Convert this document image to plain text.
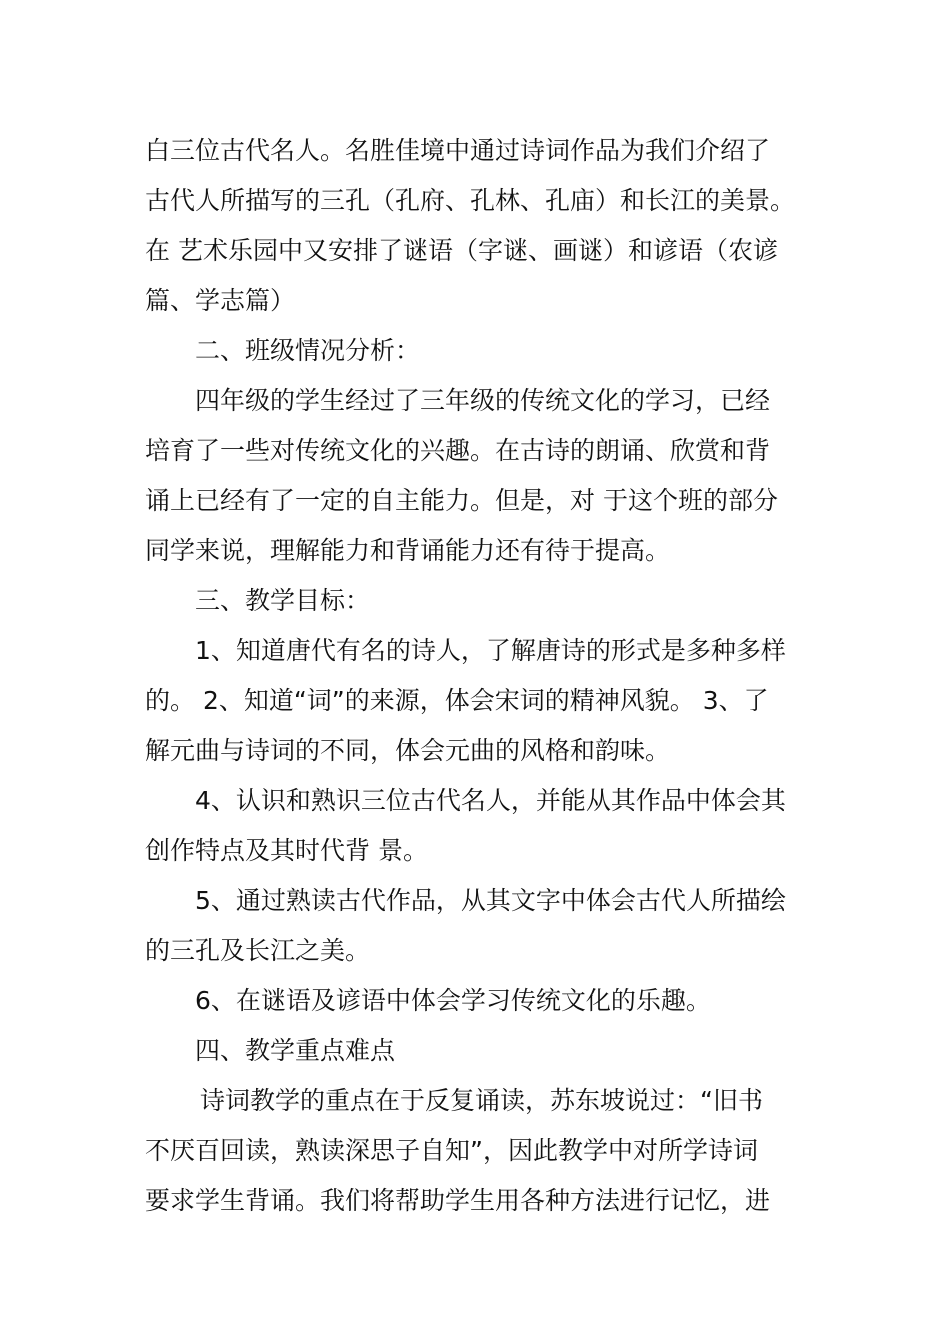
白三位古代名人。名胜佳境中通过诗词作品为我们介绍了
古代人所描写的三孔（孔府、孔林、孔庙）和长江的美景。
在 艺术乐园中又安排了谜语（字谜、画谜）和谚语（农谚
篇、学志篇）
二、班级情况分析：
四年级的学生经过了三年级的传统文化的学习，已经
培育了一些对传统文化的兴趣。在古诗的朗诵、欣赏和背
诵上已经有了一定的自主能力。但是，对 于这个班的部分
同学来说，理解能力和背诵能力还有待于提高。
三、教学目标：
1、知道唐代有名的诗人，了解唐诗的形式是多种多样
的。 2、知道“词”的来源，体会宋词的精神风貌。 3、了
解元曲与诗词的不同，体会元曲的风格和韵味。
4、认识和熟识三位古代名人，并能从其作品中体会其
创作特点及其时代背 景。
5、通过熟读古代作品，从其文字中体会古代人所描绘
的三孔及长江之美。
6、在谜语及谚语中体会学习传统文化的乐趣。
四、教学重点难点
诗词教学的重点在于反复诵读，苏东坡说过：“旧书
不厌百回读，熟读深思子自知”，因此教学中对所学诗词
要求学生背诵。我们将帮助学生用各种方法进行记忆，进
